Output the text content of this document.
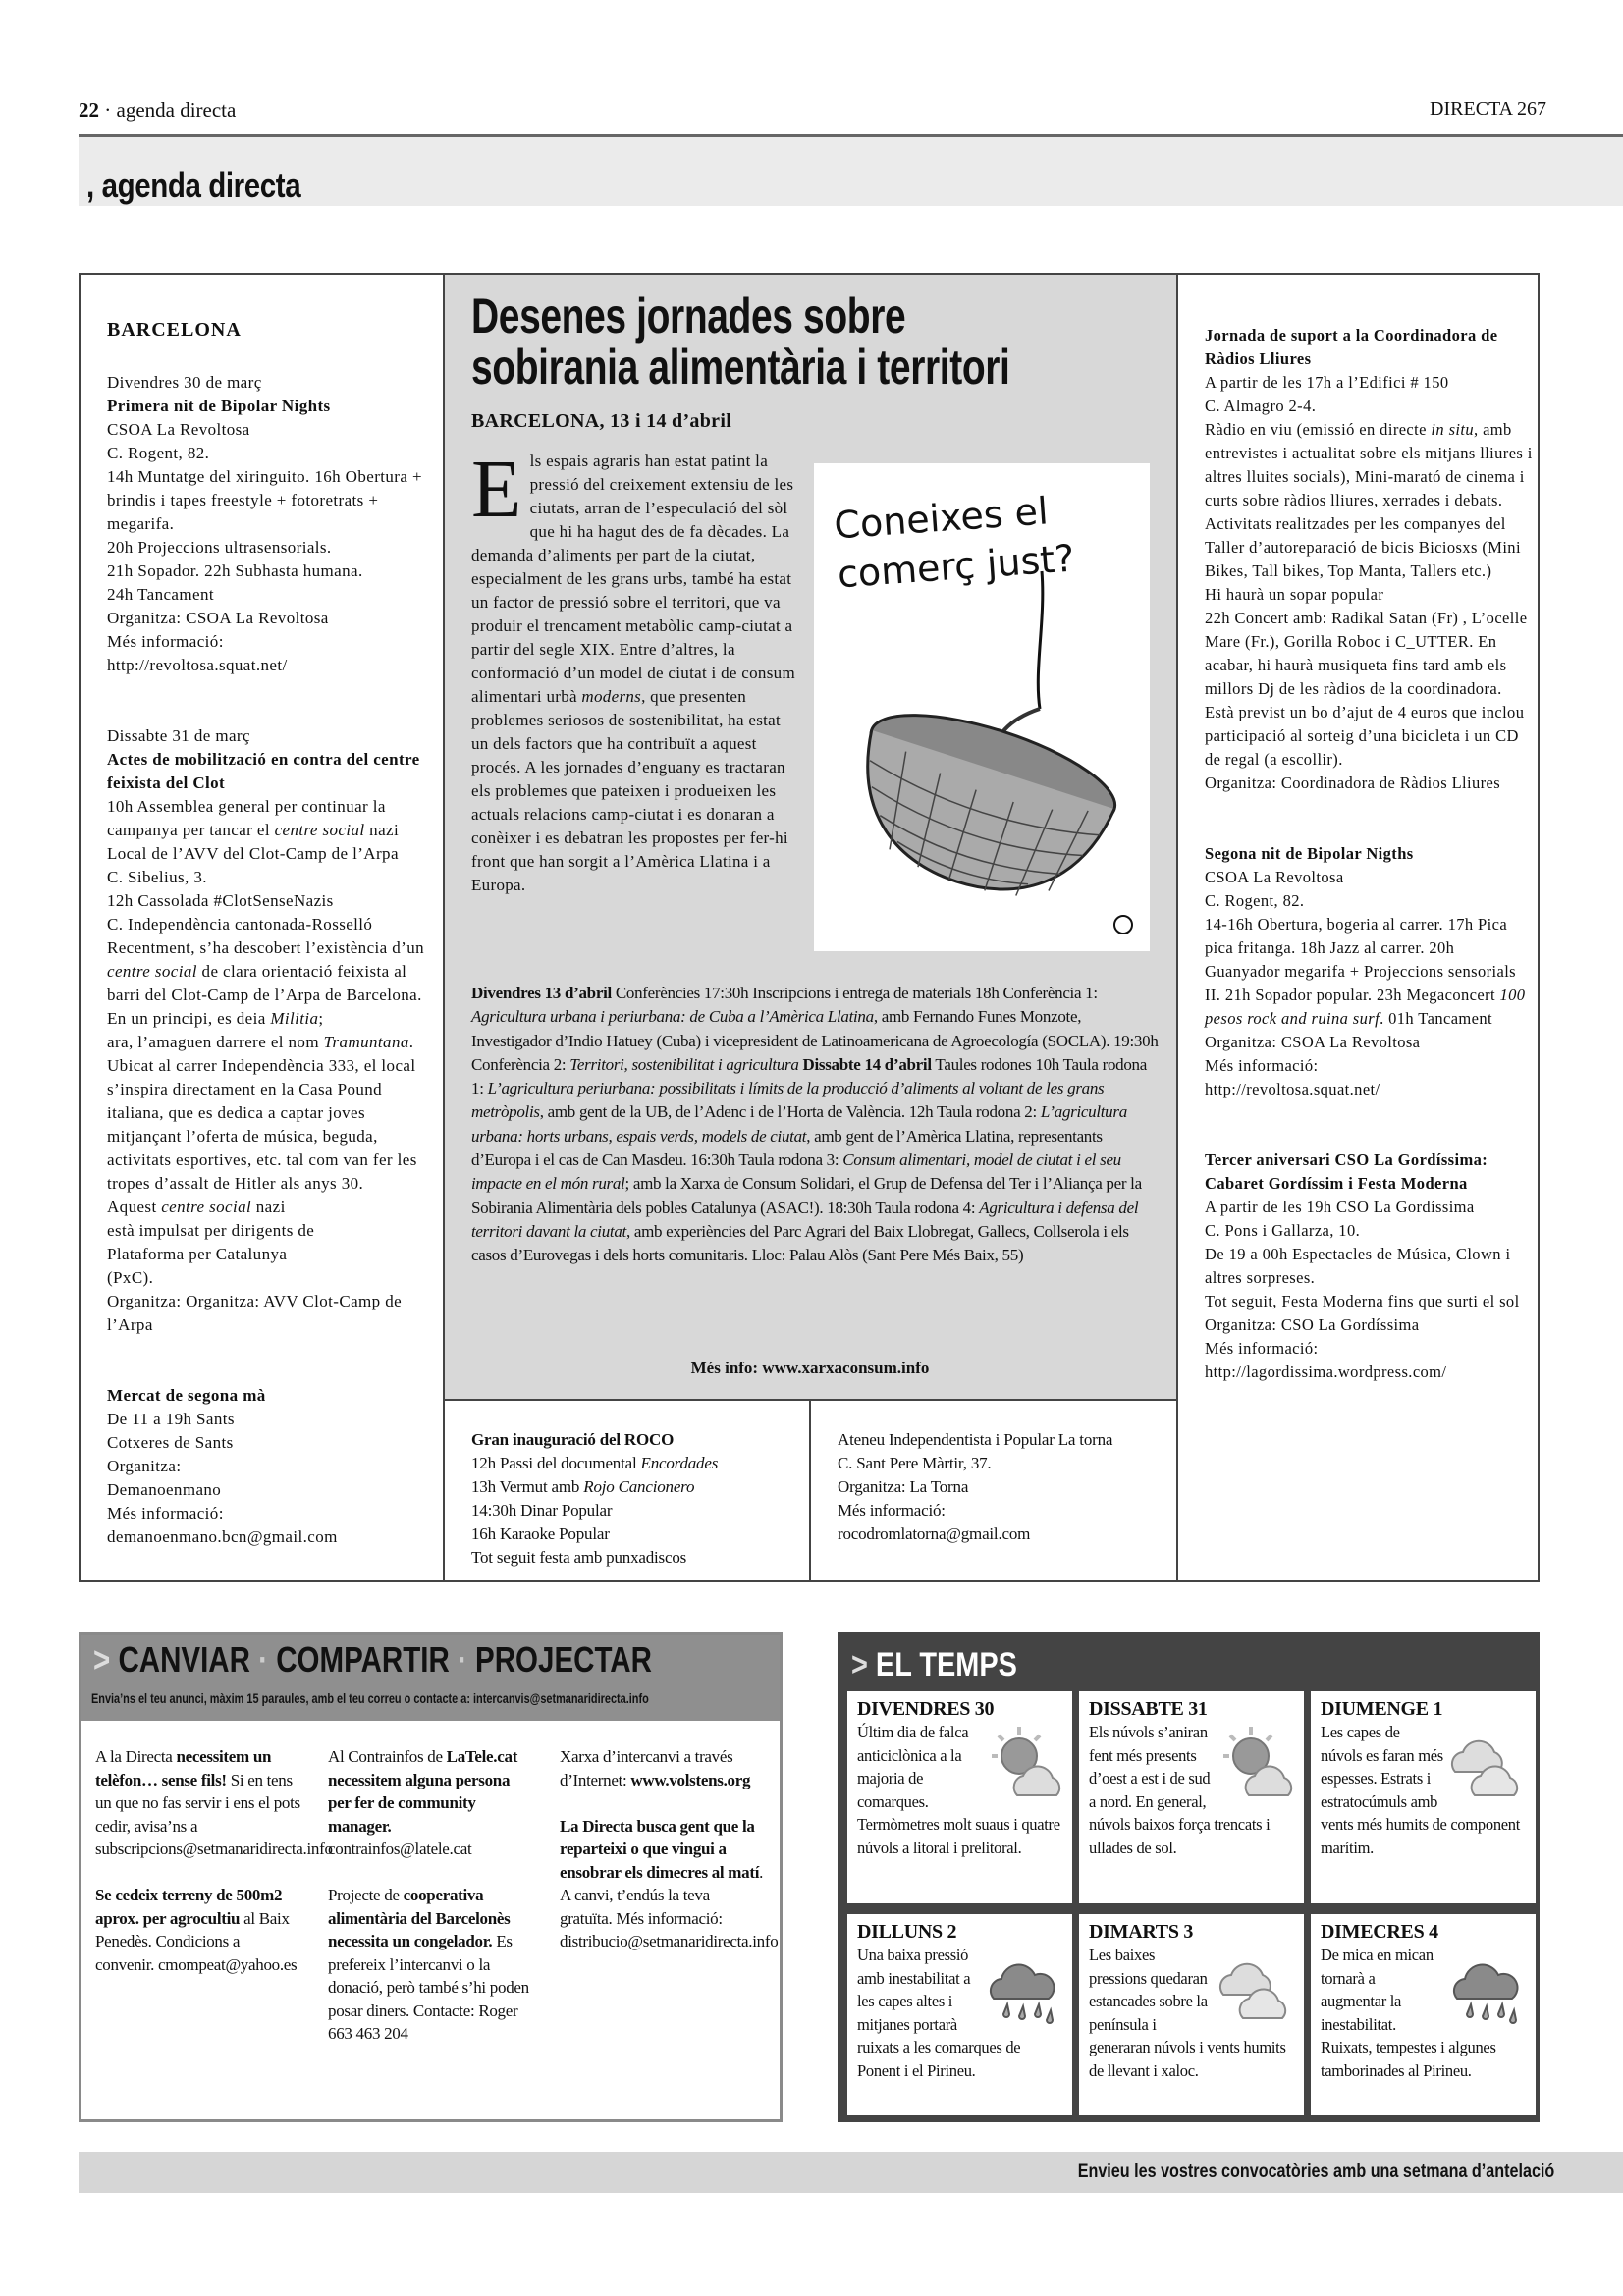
22 · agenda directa	DIRECTA 267
, agenda directa

BARCELONA

Divendres 30 de març
Primera nit de Bipolar Nights
CSOA La Revoltosa
C. Rogent, 82.
14h Muntatge del xiringuito. 16h Obertura + brindis i tapes freestyle + fotoretrats + megarifa.
20h Projeccions ultrasensorials.
21h Sopador. 22h Subhasta humana.
24h Tancament
Organitza: CSOA La Revoltosa
Més informació:
http://revoltosa.squat.net/

Dissabte 31 de març
Actes de mobilització en contra del centre feixista del Clot
10h Assemblea general per continuar la campanya per tancar el centre social nazi
Local de l’AVV del Clot-Camp de l’Arpa
C. Sibelius, 3.
12h Cassolada #ClotSenseNazis
C. Independència cantonada-Rosselló
Recentment, s’ha descobert l’existència d’un centre social de clara orientació feixista al barri del Clot-Camp de l’Arpa de Barcelona.
En un principi, es deia Militia;
ara, l’amaguen darrere el nom Tramuntana.
Ubicat al carrer Independència 333, el local s’inspira directament en la Casa Pound italiana, que es dedica a captar joves mitjançant l’oferta de música, beguda, activitats esportives, etc. tal com van fer les tropes d’assalt de Hitler als anys 30.
Aquest centre social nazi
està impulsat per dirigents de
Plataforma per Catalunya
(PxC).
Organitza: Organitza: AVV Clot-Camp de l’Arpa

Mercat de segona mà
De 11 a 19h Sants
Cotxeres de Sants
Organitza:
Demanoenmano
Més informació:
demanoenmano.bcn@gmail.com

Desenes jornades sobre
sobirania alimentària i territori
BARCELONA, 13 i 14 d’abril
Els espais agraris han estat patint la pressió del creixement extensiu de les ciutats, arran de l’especulació del sòl que hi ha hagut des de fa dècades. La demanda d’aliments per part de la ciutat, especialment de les grans urbs, també ha estat un factor de pressió sobre el territori, que va produir el trencament metabòlic camp-ciutat a partir del segle XIX. Entre d’altres, la conformació d’un model de ciutat i de consum alimentari urbà moderns, que presenten problemes seriosos de sostenibilitat, ha estat un dels factors que ha contribuït a aquest procés. A les jornades d’enguany es tractaran els problemes que pateixen i produeixen les actuals relacions camp-ciutat i es donaran a conèixer i es debatran les propostes per fer-hi front que han sorgit a l’Amèrica Llatina i a Europa.
Coneixes el
comerç just?
Divendres 13 d’abril Conferències 17:30h Inscripcions i entrega de materials 18h Conferència 1: Agricultura urbana i periurbana: de Cuba a l’Amèrica Llatina, amb Fernando Funes Monzote, Investigador d’Indio Hatuey (Cuba) i vicepresident de Latinoamericana de Agroecología (SOCLA). 19:30h Conferència 2: Territori, sostenibilitat i agricultura Dissabte 14 d’abril Taules rodones 10h Taula rodona 1: L’agricultura periurbana: possibilitats i límits de la producció d’aliments al voltant de les grans metròpolis, amb gent de la UB, de l’Adenc i de l’Horta de València. 12h Taula rodona 2: L’agricultura urbana: horts urbans, espais verds, models de ciutat, amb gent de l’Amèrica Llatina, representants d’Europa i el cas de Can Masdeu. 16:30h Taula rodona 3: Consum alimentari, model de ciutat i el seu impacte en el món rural; amb la Xarxa de Consum Solidari, el Grup de Defensa del Ter i l’Aliança per la Sobirania Alimentària dels pobles Catalunya (ASAC!). 18:30h Taula rodona 4: Agricultura i defensa del territori davant la ciutat, amb experiències del Parc Agrari del Baix Llobregat, Gallecs, Collserola i els casos d’Eurovegas i dels horts comunitaris. Lloc: Palau Alòs (Sant Pere Més Baix, 55)
Més info: www.xarxaconsum.info
Gran inauguració del ROCO
12h Passi del documental Encordades
13h Vermut amb Rojo Cancionero
14:30h Dinar Popular
16h Karaoke Popular
Tot seguit festa amb punxadiscos
Ateneu Independentista i Popular La torna
C. Sant Pere Màrtir, 37.
Organitza: La Torna
Més informació:
rocodromlatorna@gmail.com

Jornada de suport a la Coordinadora de Ràdios Lliures
A partir de les 17h a l’Edifici # 150
C. Almagro 2-4.
Ràdio en viu (emissió en directe in situ, amb entrevistes i actualitat sobre els mitjans lliures i altres lluites socials), Mini-marató de cinema i curts sobre ràdios lliures, xerrades i debats.
Activitats realitzades per les companyes del Taller d’autoreparació de bicis Biciosxs (Mini Bikes, Tall bikes, Top Manta, Tallers etc.)
Hi haurà un sopar popular
22h Concert amb: Radikal Satan (Fr) , L’ocelle Mare (Fr.), Gorilla Roboc i C_UTTER. En acabar, hi haurà musiqueta fins tard amb els millors Dj de les ràdios de la coordinadora.
Està previst un bo d’ajut de 4 euros que inclou participació al sorteig d’una bicicleta i un CD de regal (a escollir).
Organitza: Coordinadora de Ràdios Lliures

Segona nit de Bipolar Nigths
CSOA La Revoltosa
C. Rogent, 82.
14-16h Obertura, bogeria al carrer. 17h Pica pica fritanga. 18h Jazz al carrer. 20h Guanyador megarifa + Projeccions sensorials II. 21h Sopador popular. 23h Megaconcert 100 pesos rock and ruina surf. 01h Tancament
Organitza: CSOA La Revoltosa
Més informació:
http://revoltosa.squat.net/

Tercer aniversari CSO La Gordíssima: Cabaret Gordíssim i Festa Moderna
A partir de les 19h CSO La Gordíssima
C. Pons i Gallarza, 10.
De 19 a 00h Espectacles de Música, Clown i altres sorpreses.
Tot seguit, Festa Moderna fins que surti el sol
Organitza: CSO La Gordíssima
Més informació: http://lagordissima.wordpress.com/

> CANVIAR · COMPARTIR · PROJECTAR
Envia’ns el teu anunci, màxim 15 paraules, amb el teu correu o contacte a: intercanvis@setmanaridirecta.info
A la Directa necessitem un telèfon… sense fils! Si en tens un que no fas servir i ens el pots cedir, avisa’ns a subscripcions@setmanaridirecta.info

Se cedeix terreny de 500m2 aprox. per agrocultiu al Baix Penedès. Condicions a convenir. cmompeat@yahoo.es
Al Contrainfos de LaTele.cat necessitem alguna persona per fer de community manager. contrainfos@latele.cat

Projecte de cooperativa alimentària del Barcelonès necessita un congelador. Es prefereix l’intercanvi o la donació, però també s’hi poden posar diners. Contacte: Roger 663 463 204
Xarxa d’intercanvi a través d’Internet: www.volstens.org

La Directa busca gent que la reparteixi o que vingui a ensobrar els dimecres al matí. A canvi, t’endús la teva gratuïta. Més informació: distribucio@setmanaridirecta.info
> EL TEMPS
DIVENDRES 30
Últim dia de falca anticiclònica a la majoria de comarques. Termòmetres molt suaus i quatre núvols a litoral i prelitoral.
DISSABTE 31
Els núvols s’aniran fent més presents d’oest a est i de sud a nord. En general, núvols baixos força trencats i ullades de sol.
DIUMENGE 1
Les capes de núvols es faran més espesses. Estrats i estratocúmuls amb vents més humits de component marítim.
DILLUNS 2
Una baixa pressió amb inestabilitat a les capes altes i mitjanes portarà ruixats a les comarques de Ponent i el Pirineu.
DIMARTS 3
Les baixes pressions quedaran estancades sobre la península i generaran núvols i vents humits de llevant i xaloc.
DIMECRES 4
De mica en mican tornarà a augmentar la inestabilitat. Ruixats, tempestes i algunes tamborinades al Pirineu.
Envieu les vostres convocatòries amb una setmana d’antelació
